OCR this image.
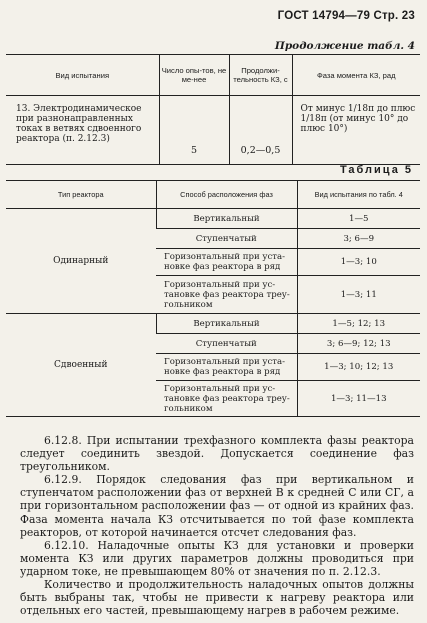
ГОСТ 14794—79 Стр. 23
Продолжение табл. 4
Вид испытания	Число опы-тов, не ме-нее	Продолжи-тельность КЗ, с	Фаза момента КЗ, рад
13. Электродинамическое при разнонаправленных токах в ветвях сдвоенного реактора (п. 2.12.3)	5	0,2—0,5	От минус 1/18π до плюс 1/18π (от минус 10° до плюс 10°)
Таблица 5
Тип реактора	Способ расположения фаз	Вид испытания по табл. 4
Одинарный	Вертикальный	1—5
	Ступенчатый	3; 6—9
	Горизонтальный при уста-новке фаз реактора в ряд	1—3; 10
	Горизонтальный при ус-тановке фаз реактора треу-гольником	1—3; 11
Сдвоенный	Вертикальный	1—5; 12; 13
	Ступенчатый	3; 6—9; 12; 13
	Горизонтальный при уста-новке фаз реактора в ряд	1—3; 10; 12; 13
	Горизонтальный при ус-тановке фаз реактора треу-гольником	1—3; 11—13

6.12.8. При испытании трехфазного комплекта фазы реактора следует соединить звездой. Допускается соединение фаз треугольником.

6.12.9. Порядок следования фаз при вертикальном и ступенчатом расположении фаз от верхней В к средней С или СГ, а при горизонтальном расположении фаз — от одной из крайних фаз. Фаза момента начала КЗ отсчитывается по той фазе комплекта реакторов, от которой начинается отсчет следования фаз.

6.12.10. Наладочные опыты КЗ для установки и проверки момента КЗ или других параметров должны проводиться при ударном токе, не превышающем 80% от значения по п. 2.12.3.

Количество и продолжительность наладочных опытов должны быть выбраны так, чтобы не привести к нагреву реактора или отдельных его частей, превышающему нагрев в рабочем режиме.
